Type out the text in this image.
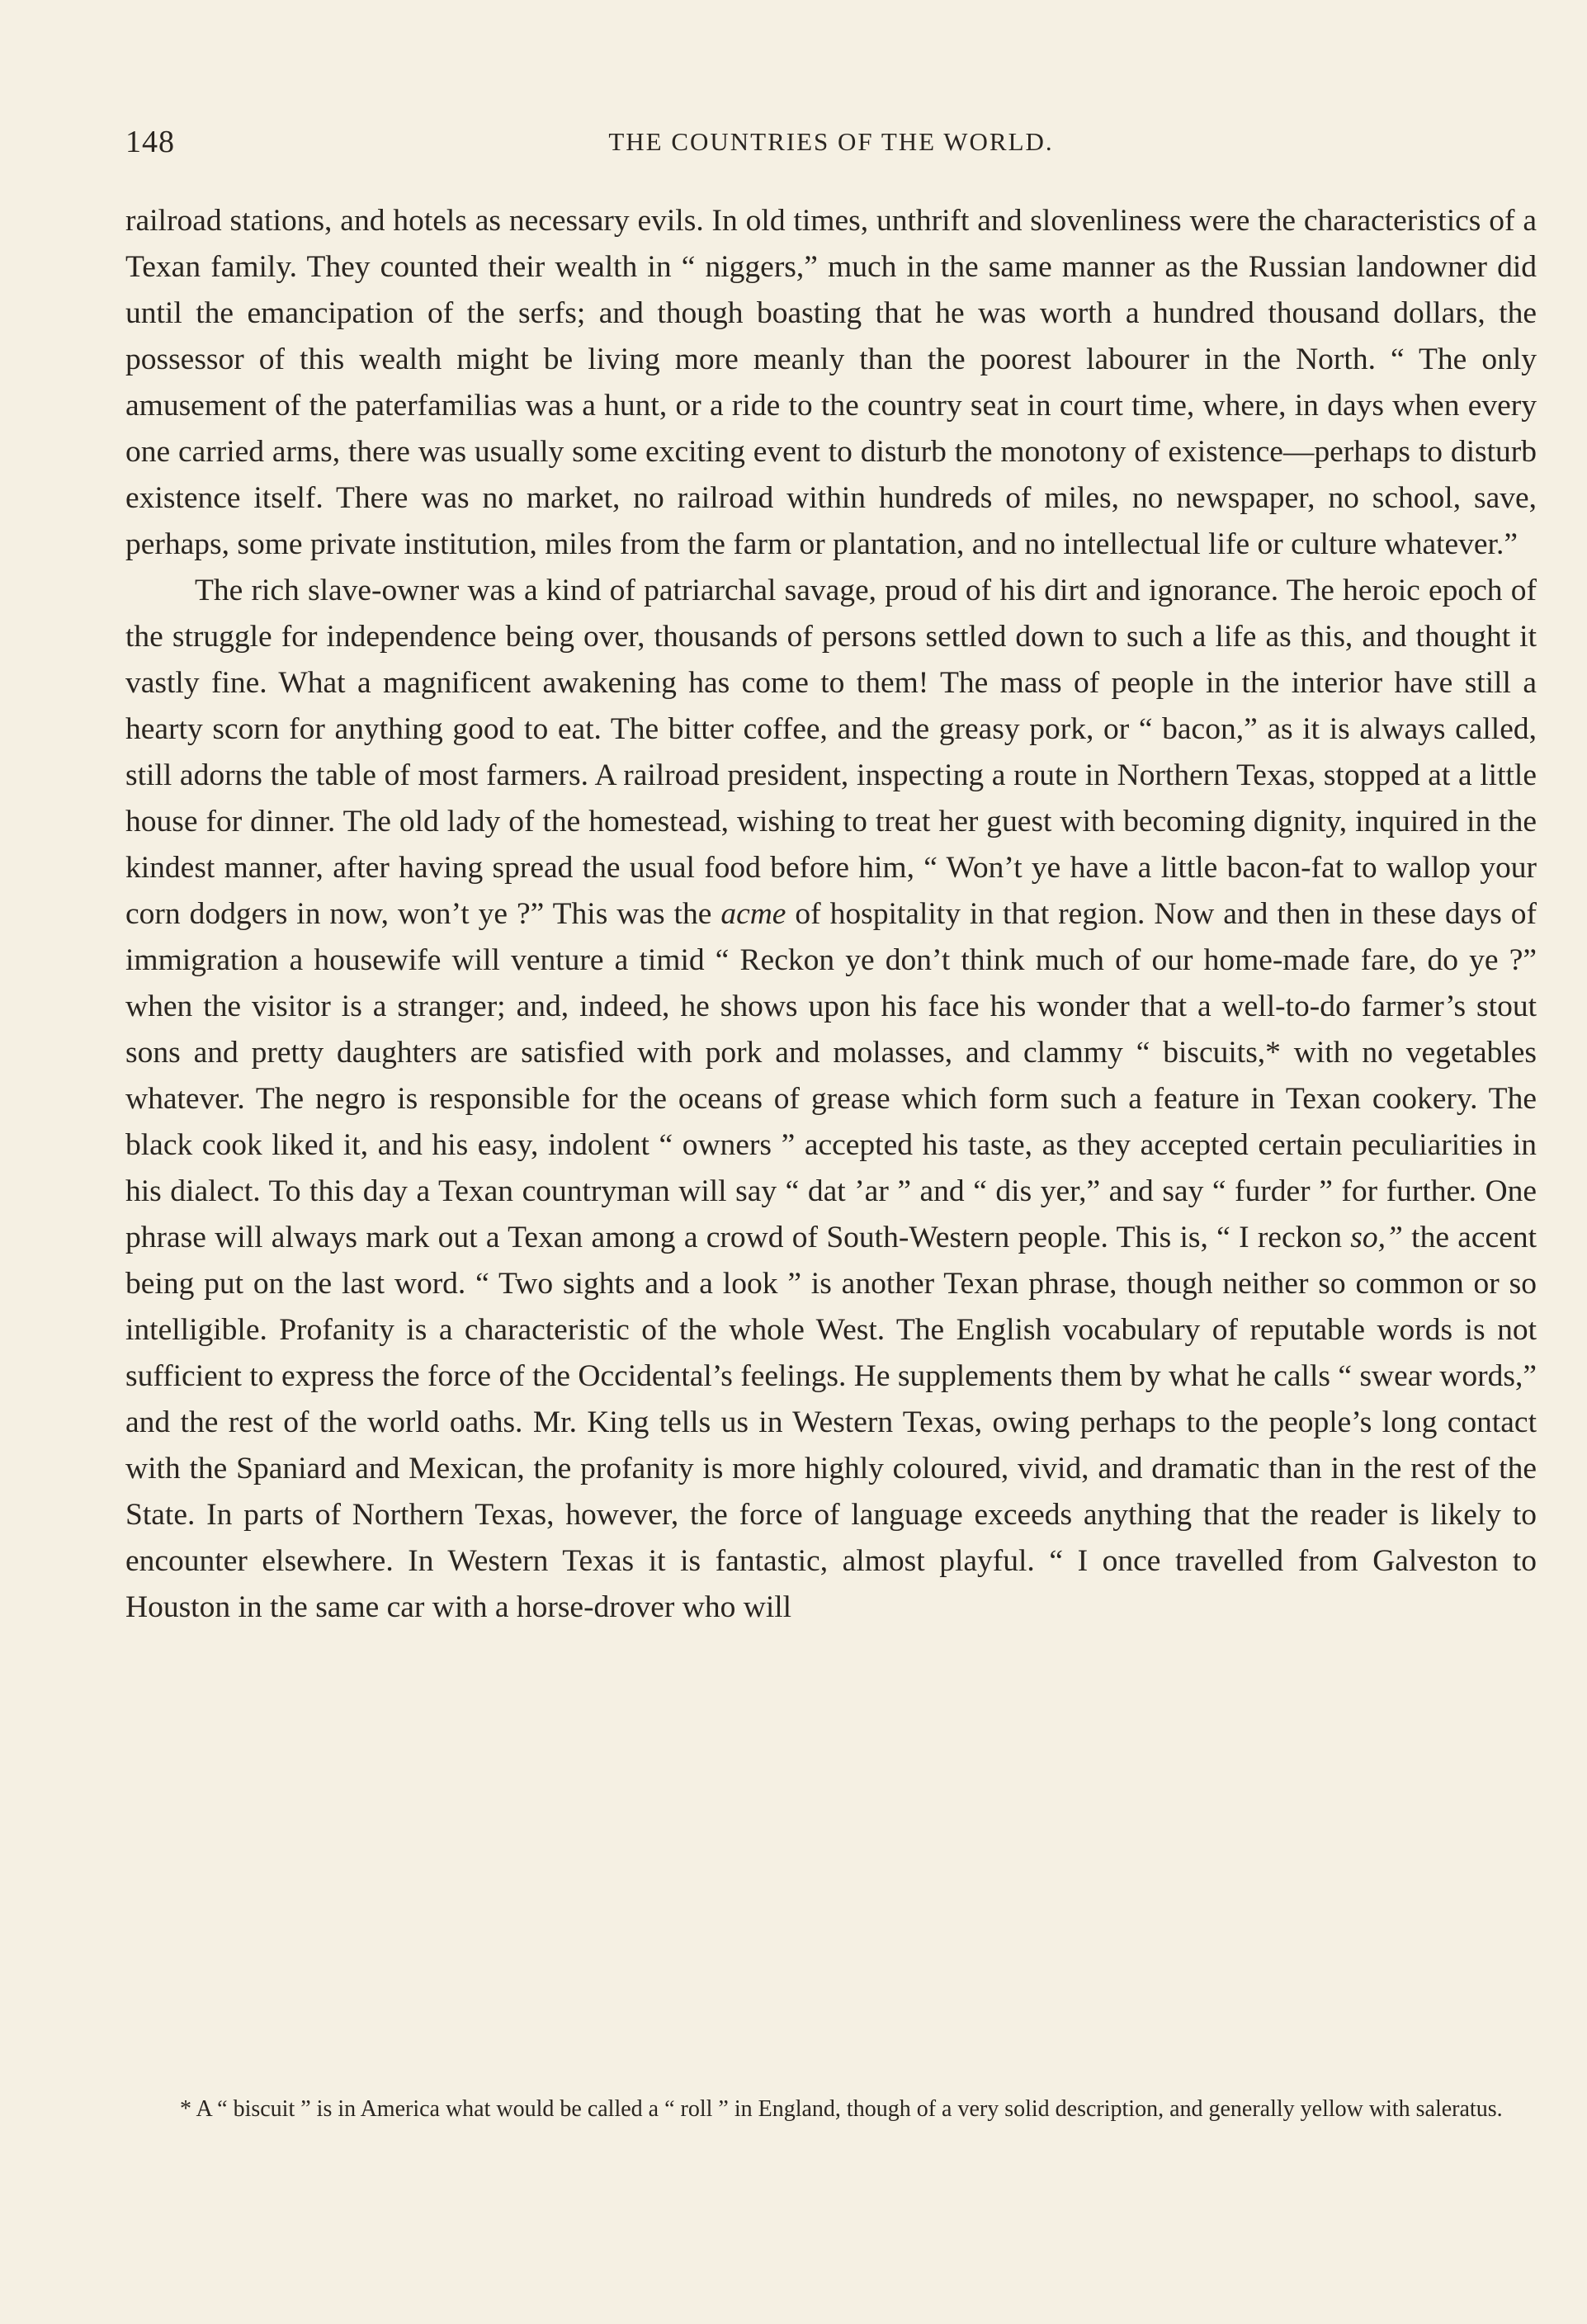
148	THE COUNTRIES OF THE WORLD.

railroad stations, and hotels as necessary evils. In old times, unthrift and slovenliness were the characteristics of a Texan family. They counted their wealth in “ niggers,” much in the same manner as the Russian landowner did until the emancipation of the serfs; and though boasting that he was worth a hundred thousand dollars, the possessor of this wealth might be living more meanly than the poorest labourer in the North. “ The only amusement of the paterfamilias was a hunt, or a ride to the country seat in court time, where, in days when every one carried arms, there was usually some exciting event to disturb the monotony of existence—perhaps to disturb existence itself. There was no market, no railroad within hundreds of miles, no newspaper, no school, save, perhaps, some private institution, miles from the farm or plantation, and no intellectual life or culture whatever.”

The rich slave-owner was a kind of patriarchal savage, proud of his dirt and ignorance. The heroic epoch of the struggle for independence being over, thousands of persons settled down to such a life as this, and thought it vastly fine. What a magnificent awakening has come to them! The mass of people in the interior have still a hearty scorn for anything good to eat. The bitter coffee, and the greasy pork, or “ bacon,” as it is always called, still adorns the table of most farmers. A railroad president, inspecting a route in Northern Texas, stopped at a little house for dinner. The old lady of the homestead, wishing to treat her guest with becoming dignity, inquired in the kindest manner, after having spread the usual food before him, “ Won’t ye have a little bacon-fat to wallop your corn dodgers in now, won’t ye ?” This was the acme of hospitality in that region. Now and then in these days of immigration a housewife will venture a timid “ Reckon ye don’t think much of our home-made fare, do ye ?” when the visitor is a stranger; and, indeed, he shows upon his face his wonder that a well-to-do farmer’s stout sons and pretty daughters are satisfied with pork and molasses, and clammy “ biscuits,* with no vegetables whatever. The negro is responsible for the oceans of grease which form such a feature in Texan cookery. The black cook liked it, and his easy, indolent “ owners ” accepted his taste, as they accepted certain peculiarities in his dialect. To this day a Texan countryman will say “ dat ’ar ” and “ dis yer,” and say “ furder ” for further. One phrase will always mark out a Texan among a crowd of South-Western people. This is, “ I reckon so,” the accent being put on the last word. “ Two sights and a look ” is another Texan phrase, though neither so common or so intelligible. Profanity is a characteristic of the whole West. The English vocabulary of reputable words is not sufficient to express the force of the Occidental’s feelings. He supplements them by what he calls “ swear words,” and the rest of the world oaths. Mr. King tells us in Western Texas, owing perhaps to the people’s long contact with the Spaniard and Mexican, the profanity is more highly coloured, vivid, and dramatic than in the rest of the State. In parts of Northern Texas, however, the force of language exceeds anything that the reader is likely to encounter elsewhere. In Western Texas it is fantastic, almost playful. “ I once travelled from Galveston to Houston in the same car with a horse-drover who will

* A “ biscuit ” is in America what would be called a “ roll ” in England, though of a very solid description, and generally yellow with saleratus.
